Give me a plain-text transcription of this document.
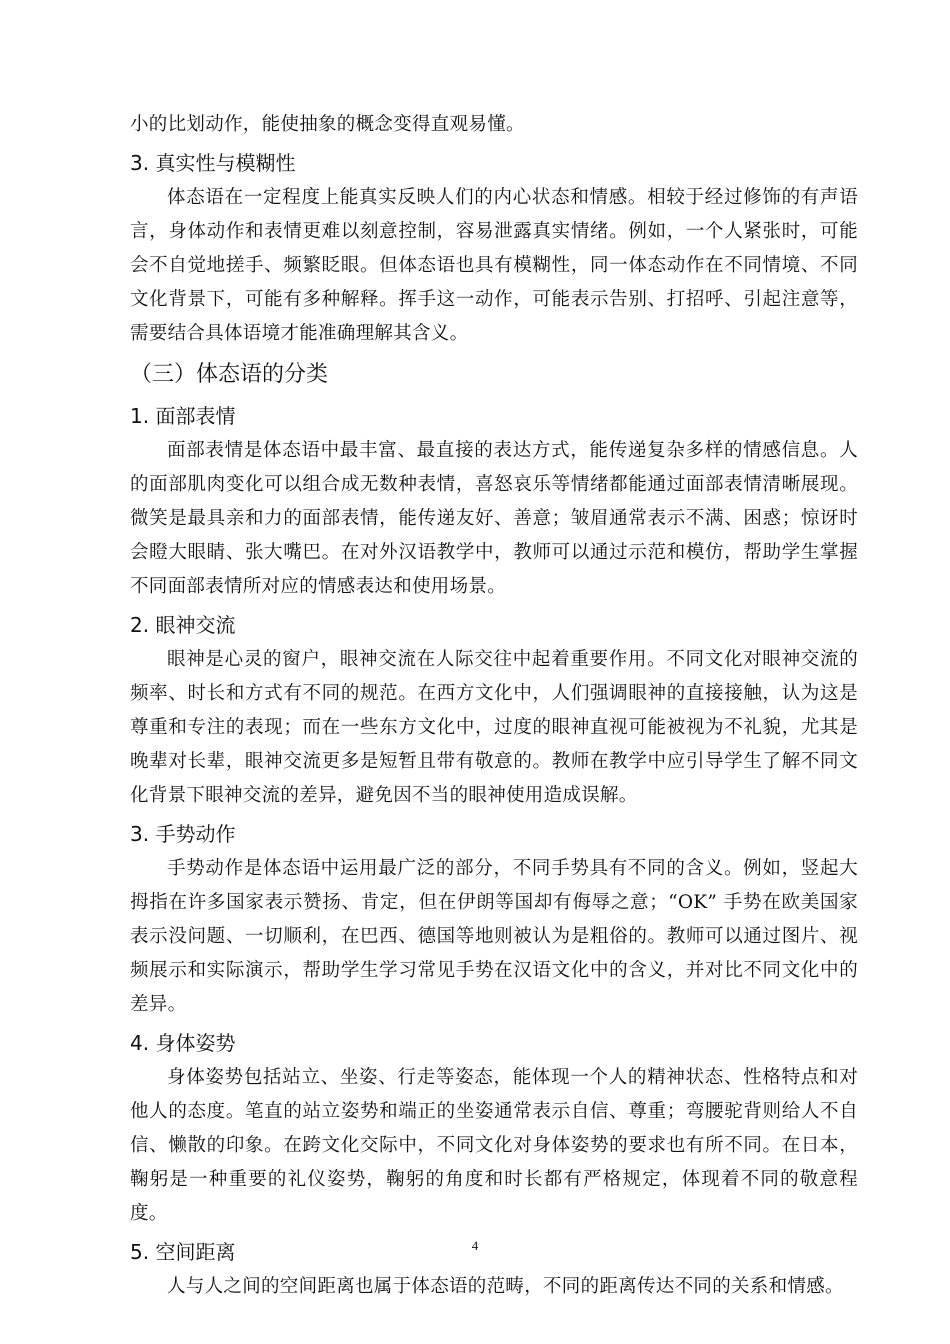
小的比划动作，能使抽象的概念变得直观易懂。

3. 真实性与模糊性

体态语在一定程度上能真实反映人们的内心状态和情感。相较于经过修饰的有声语言，身体动作和表情更难以刻意控制，容易泄露真实情绪。例如，一个人紧张时，可能会不自觉地搓手、频繁眨眼。但体态语也具有模糊性，同一体态动作在不同情境、不同文化背景下，可能有多种解释。挥手这一动作，可能表示告别、打招呼、引起注意等，需要结合具体语境才能准确理解其含义。

（三）体态语的分类
1. 面部表情

面部表情是体态语中最丰富、最直接的表达方式，能传递复杂多样的情感信息。人的面部肌肉变化可以组合成无数种表情，喜怒哀乐等情绪都能通过面部表情清晰展现。微笑是最具亲和力的面部表情，能传递友好、善意；皱眉通常表示不满、困惑；惊讶时会瞪大眼睛、张大嘴巴。在对外汉语教学中，教师可以通过示范和模仿，帮助学生掌握不同面部表情所对应的情感表达和使用场景。

2. 眼神交流

眼神是心灵的窗户，眼神交流在人际交往中起着重要作用。不同文化对眼神交流的频率、时长和方式有不同的规范。在西方文化中，人们强调眼神的直接接触，认为这是尊重和专注的表现；而在一些东方文化中，过度的眼神直视可能被视为不礼貌，尤其是晚辈对长辈，眼神交流更多是短暂且带有敬意的。教师在教学中应引导学生了解不同文化背景下眼神交流的差异，避免因不当的眼神使用造成误解。

3. 手势动作

手势动作是体态语中运用最广泛的部分，不同手势具有不同的含义。例如，竖起大拇指在许多国家表示赞扬、肯定，但在伊朗等国却有侮辱之意；“OK” 手势在欧美国家表示没问题、一切顺利，在巴西、德国等地则被认为是粗俗的。教师可以通过图片、视频展示和实际演示，帮助学生学习常见手势在汉语文化中的含义，并对比不同文化中的差异。

4. 身体姿势

身体姿势包括站立、坐姿、行走等姿态，能体现一个人的精神状态、性格特点和对他人的态度。笔直的站立姿势和端正的坐姿通常表示自信、尊重；弯腰驼背则给人不自信、懒散的印象。在跨文化交际中，不同文化对身体姿势的要求也有所不同。在日本，鞠躬是一种重要的礼仪姿势，鞠躬的角度和时长都有严格规定，体现着不同的敬意程度。

5. 空间距离

人与人之间的空间距离也属于体态语的范畴，不同的距离传达不同的关系和情感。

4
